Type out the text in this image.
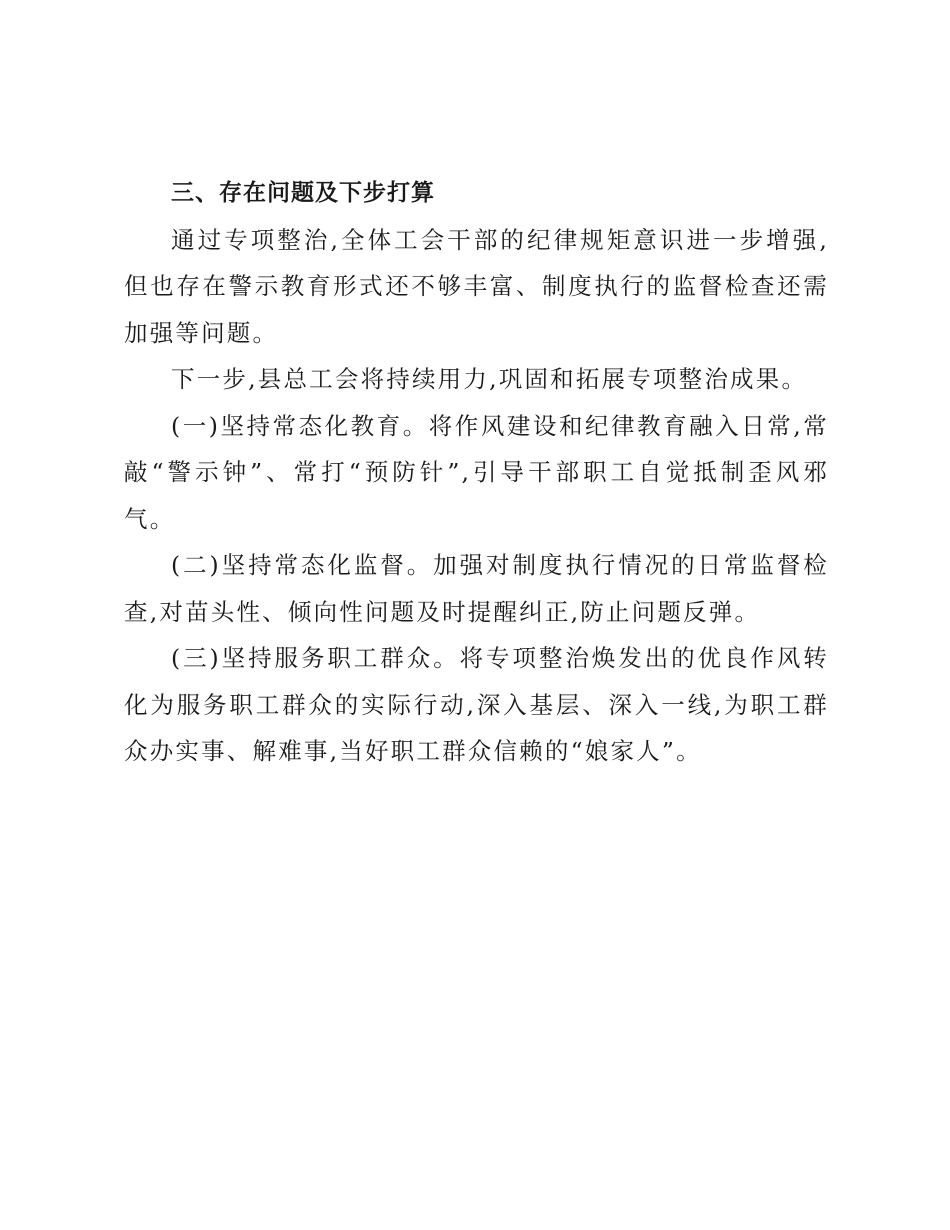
三、存在问题及下步打算

通过专项整治,全体工会干部的纪律规矩意识进一步增强,但也存在警示教育形式还不够丰富、制度执行的监督检查还需加强等问题。

下一步,县总工会将持续用力,巩固和拓展专项整治成果。

(一)坚持常态化教育。将作风建设和纪律教育融入日常,常敲“警示钟”、常打“预防针”,引导干部职工自觉抵制歪风邪气。

(二)坚持常态化监督。加强对制度执行情况的日常监督检查,对苗头性、倾向性问题及时提醒纠正,防止问题反弹。

(三)坚持服务职工群众。将专项整治焕发出的优良作风转化为服务职工群众的实际行动,深入基层、深入一线,为职工群众办实事、解难事,当好职工群众信赖的“娘家人”。
